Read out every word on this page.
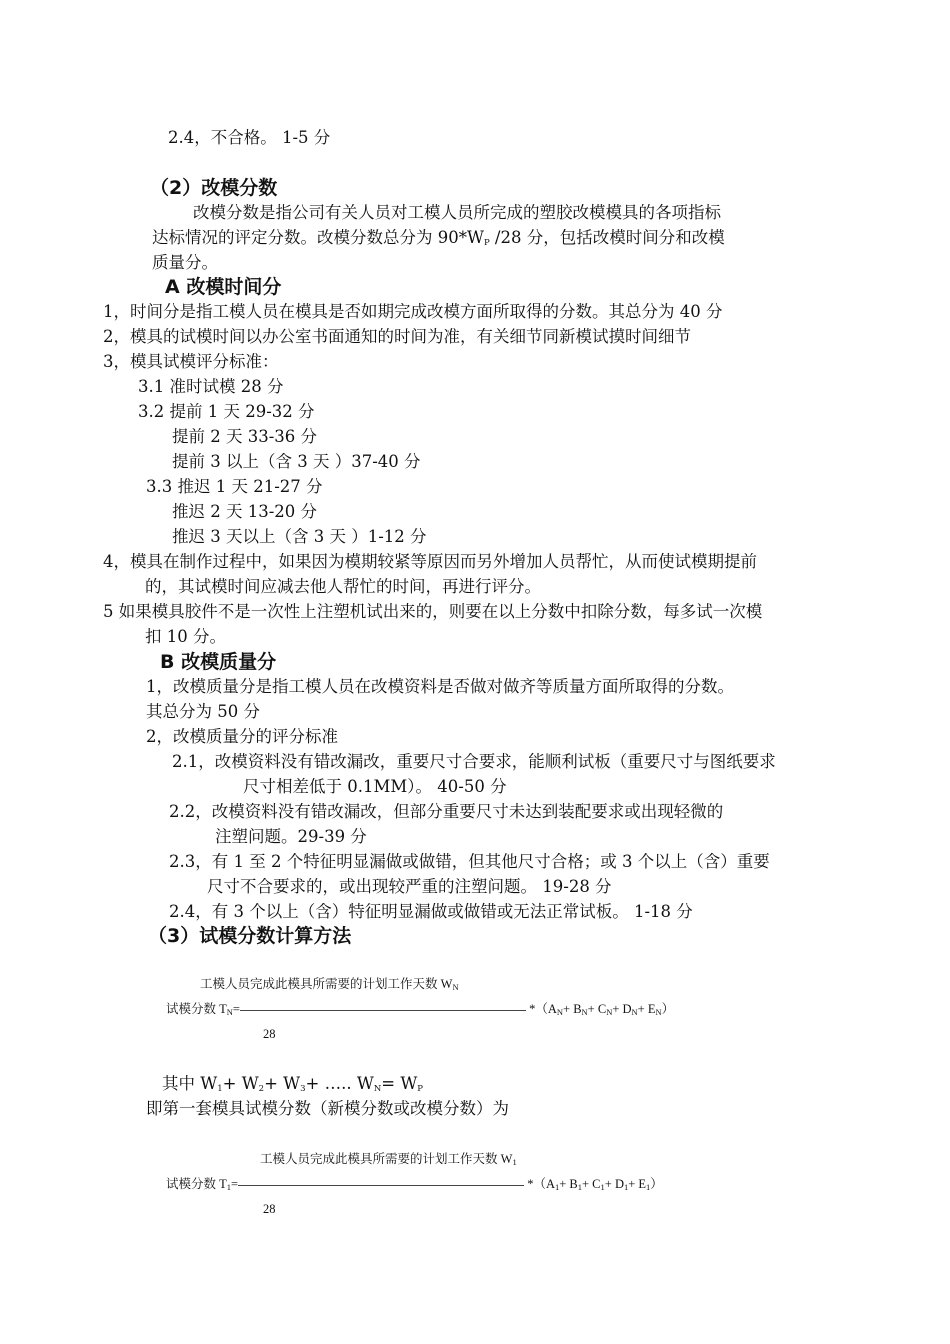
2.4，不合格。 1-5 分
（2）改模分数
改模分数是指公司有关人员对工模人员所完成的塑胶改模模具的各项指标
达标情况的评定分数。改模分数总分为 $90*W_P$ /28 分，包括改模时间分和改模
质量分。
A 改模时间分
1，时间分是指工模人员在模具是否如期完成改模方面所取得的分数。其总分为 40 分
2，模具的试模时间以办公室书面通知的时间为准，有关细节同新模试摸时间细节
3，模具试模评分标准：
3.1 准时试模 28 分
3.2 提前 1 天 29-32 分
提前 2 天 33-36 分
提前 3 以上（含 3 天 ）37-40 分
3.3 推迟 1 天 21-27 分
推迟 2 天 13-20 分
推迟 3 天以上（含 3 天 ）1-12 分
4，模具在制作过程中，如果因为模期较紧等原因而另外增加人员帮忙，从而使试模期提前
的，其试模时间应减去他人帮忙的时间，再进行评分。
5 如果模具胶件不是一次性上注塑机试出来的，则要在以上分数中扣除分数，每多试一次模
扣 10 分。
B 改模质量分
1，改模质量分是指工模人员在改模资料是否做对做齐等质量方面所取得的分数。
其总分为 50 分
2，改模质量分的评分标准
2.1，改模资料没有错改漏改，重要尺寸合要求，能顺利试板（重要尺寸与图纸要求
尺寸相差低于 0.1MM）。 40-50 分
2.2，改模资料没有错改漏改，但部分重要尺寸未达到装配要求或出现轻微的
注塑问题。29-39 分
2.3，有 1 至 2 个特征明显漏做或做错，但其他尺寸合格；或 3 个以上（含）重要
尺寸不合要求的，或出现较严重的注塑问题。 19-28 分
2.4，有 3 个以上（含）特征明显漏做或做错或无法正常试板。 1-18 分
（3）试模分数计算方法
工模人员完成此模具所需要的计划工作天数 $W_N$
试模分数 $T_N=$	$*(A_N+ B_N+ C_N+ D_N+ E_N)$
28
其中 $W_1+ W_2+ W_3+$ ….. $W_N= W_P$
即第一套模具试模分数（新模分数或改模分数）为
工模人员完成此模具所需要的计划工作天数 $W_1$
试模分数 $T_1=$	$*(A_1+ B_1+ C_1+ D_1+ E_1)$
28
